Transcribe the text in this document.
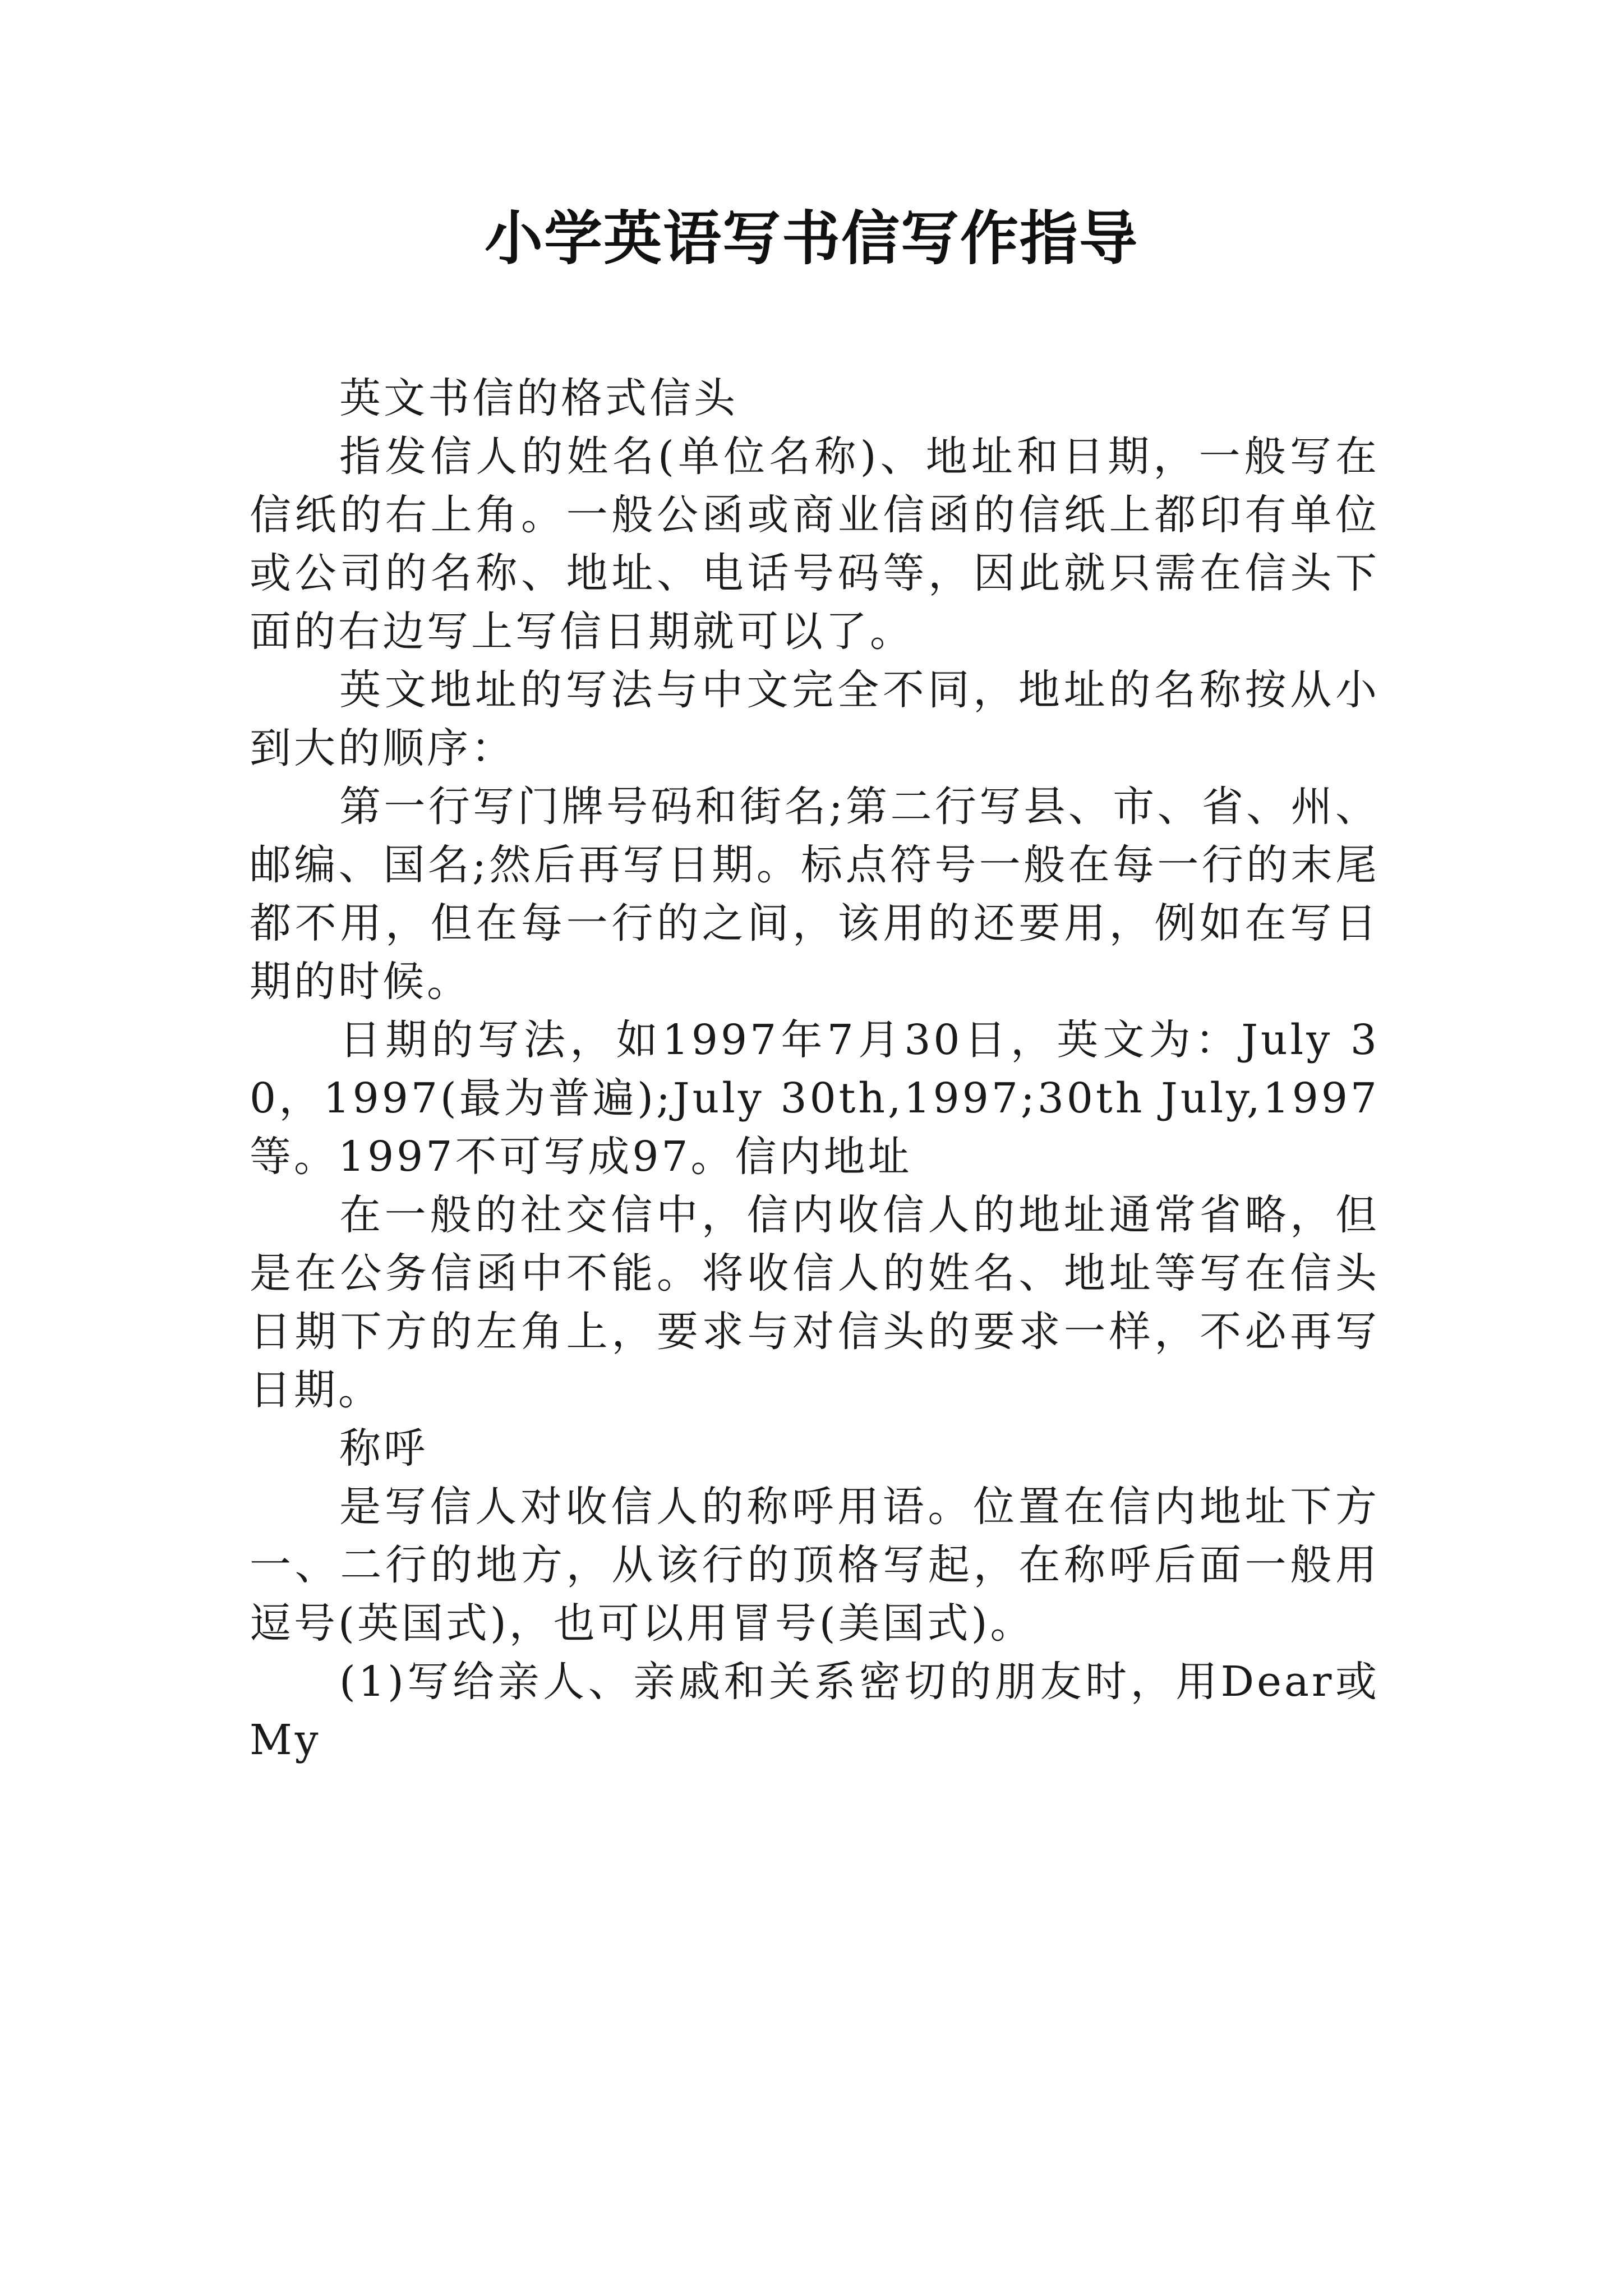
小学英语写书信写作指导

英文书信的格式信头

指发信人的姓名(单位名称)、地址和日期，一般写在信纸的右上角。一般公函或商业信函的信纸上都印有单位或公司的名称、地址、电话号码等，因此就只需在信头下面的右边写上写信日期就可以了。

英文地址的写法与中文完全不同，地址的名称按从小到大的顺序：

第一行写门牌号码和街名;第二行写县、市、省、州、邮编、国名;然后再写日期。标点符号一般在每一行的末尾都不用，但在每一行的之间，该用的还要用，例如在写日期的时候。

日期的写法，如1997年7月30日，英文为：July 30，1997(最为普遍);July 30th,1997;30th July,1997等。1997不可写成97。信内地址

在一般的社交信中，信内收信人的地址通常省略，但是在公务信函中不能。将收信人的姓名、地址等写在信头日期下方的左角上，要求与对信头的要求一样，不必再写日期。

称呼

是写信人对收信人的称呼用语。位置在信内地址下方一、二行的地方，从该行的顶格写起，在称呼后面一般用逗号(英国式)，也可以用冒号(美国式)。

(1)写给亲人、亲戚和关系密切的朋友时，用Dear或My
